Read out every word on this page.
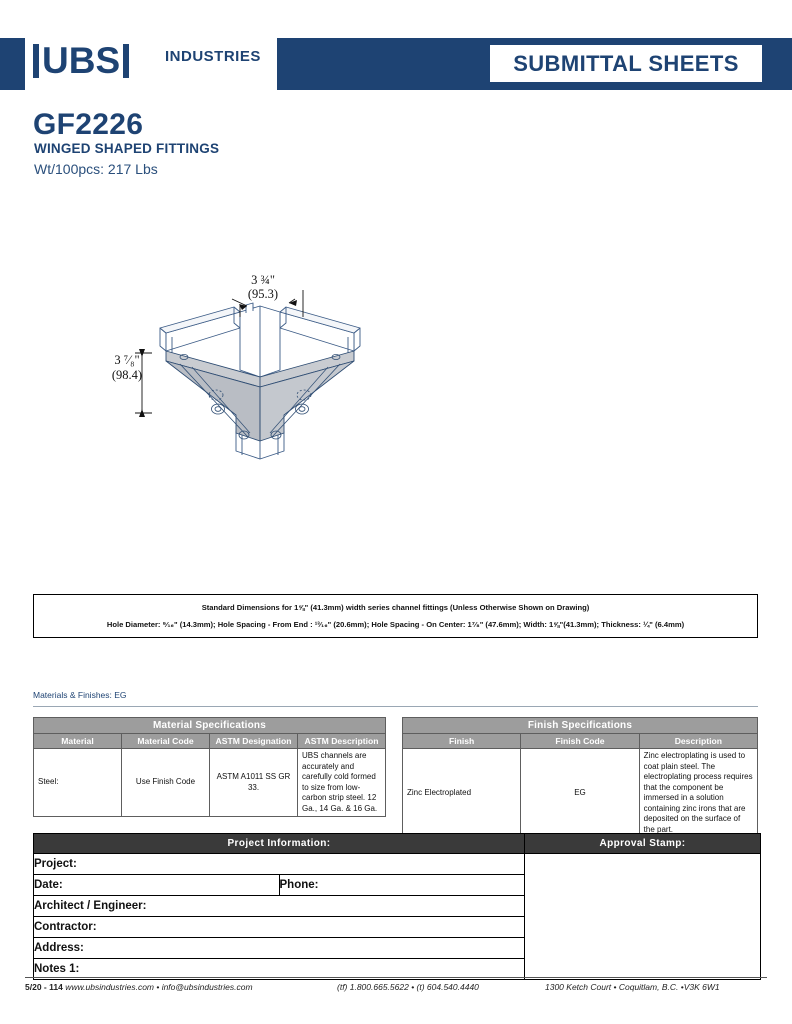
UBS	INDUSTRIES	SUBMITTAL SHEETS
GF2226
WINGED SHAPED FITTINGS
Wt/100pcs: 217 Lbs
3 ¾"
(95.3)
3 ⁷⁄₈"
(98.4)
Standard Dimensions for 1⅝" (41.3mm) width series channel fittings (Unless Otherwise Shown on Drawing)
Hole Diameter: ⁹⁄₁₆" (14.3mm); Hole Spacing - From End : ¹³⁄₁₆" (20.6mm); Hole Spacing - On Center: 1⁷⁄₈" (47.6mm); Width: 1⅝"(41.3mm); Thickness: ¼" (6.4mm)
Materials & Finishes: EG
Material Specifications			
Material	Material Code	ASTM Designation	ASTM Description
Steel:	Use Finish Code	ASTM A1011 SS GR 33.	UBS channels are accurately and carefully cold formed to size from low-carbon strip steel. 12 Ga., 14 Ga. & 16 Ga.
Finish Specifications		
Finish	Finish Code	Description
Zinc Electroplated	EG	Zinc electroplating is used to coat plain steel. The electroplating process requires that the component be immersed in a solution containing zinc irons that are deposited on the surface of the part.
Project Information:		Approval Stamp:
Project:		
Date:	Phone:	
Architect / Engineer:		
Contractor:		
Address:		
Notes 1:		
5/20 - 114 www.ubsindustries.com • info@ubsindustries.com	(tf) 1.800.665.5622 • (t) 604.540.4440	1300 Ketch Court • Coquitlam, B.C. •V3K 6W1
